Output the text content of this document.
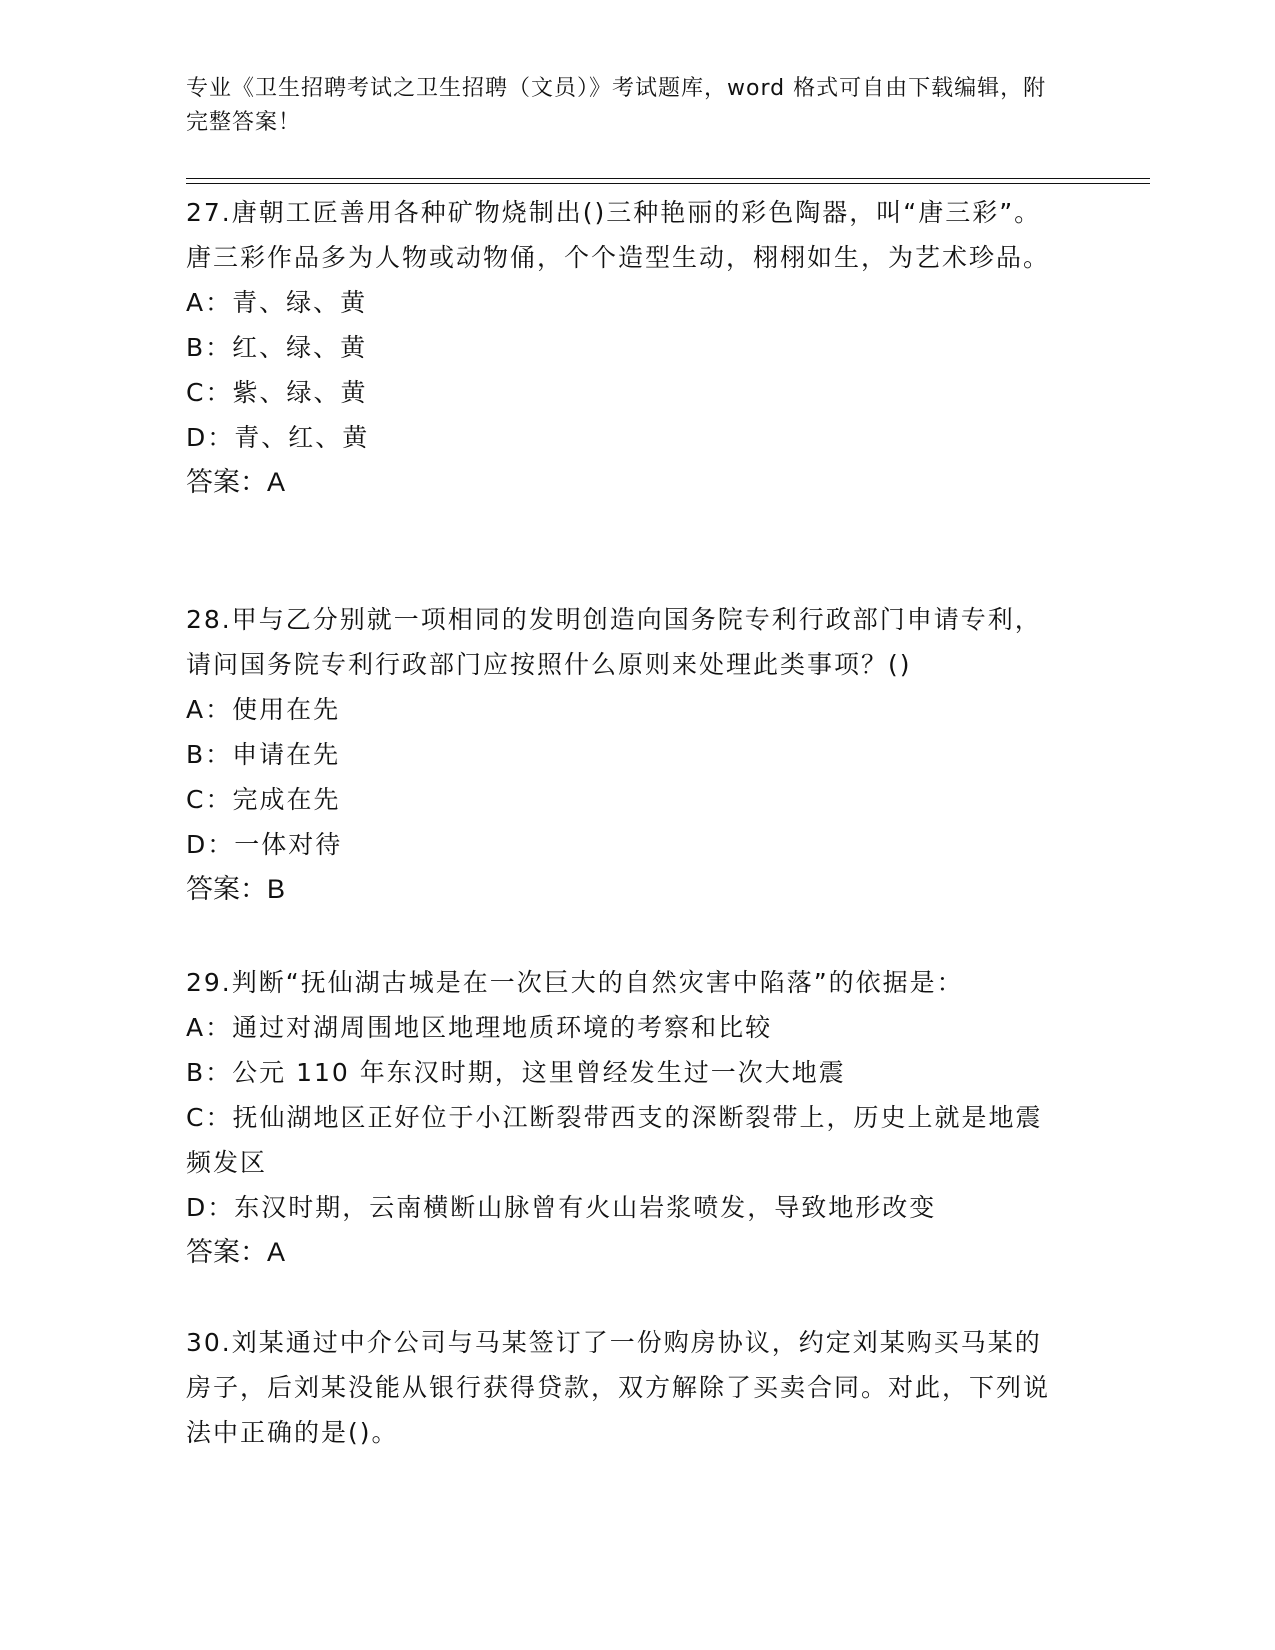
专业《卫生招聘考试之卫生招聘（文员）》考试题库，word 格式可自由下载编辑，附完整答案！

27.唐朝工匠善用各种矿物烧制出()三种艳丽的彩色陶器，叫“唐三彩”。唐三彩作品多为人物或动物俑，个个造型生动，栩栩如生，为艺术珍品。

A：青、绿、黄

B：红、绿、黄

C：紫、绿、黄

D：青、红、黄

答案：A

28.甲与乙分别就一项相同的发明创造向国务院专利行政部门申请专利，请问国务院专利行政部门应按照什么原则来处理此类事项？()

A：使用在先

B：申请在先

C：完成在先

D：一体对待

答案：B

29.判断“抚仙湖古城是在一次巨大的自然灾害中陷落”的依据是：

A：通过对湖周围地区地理地质环境的考察和比较

B：公元 110 年东汉时期，这里曾经发生过一次大地震

C：抚仙湖地区正好位于小江断裂带西支的深断裂带上，历史上就是地震频发区

D：东汉时期，云南横断山脉曾有火山岩浆喷发，导致地形改变

答案：A

30.刘某通过中介公司与马某签订了一份购房协议，约定刘某购买马某的房子，后刘某没能从银行获得贷款，双方解除了买卖合同。对此，下列说法中正确的是()。
